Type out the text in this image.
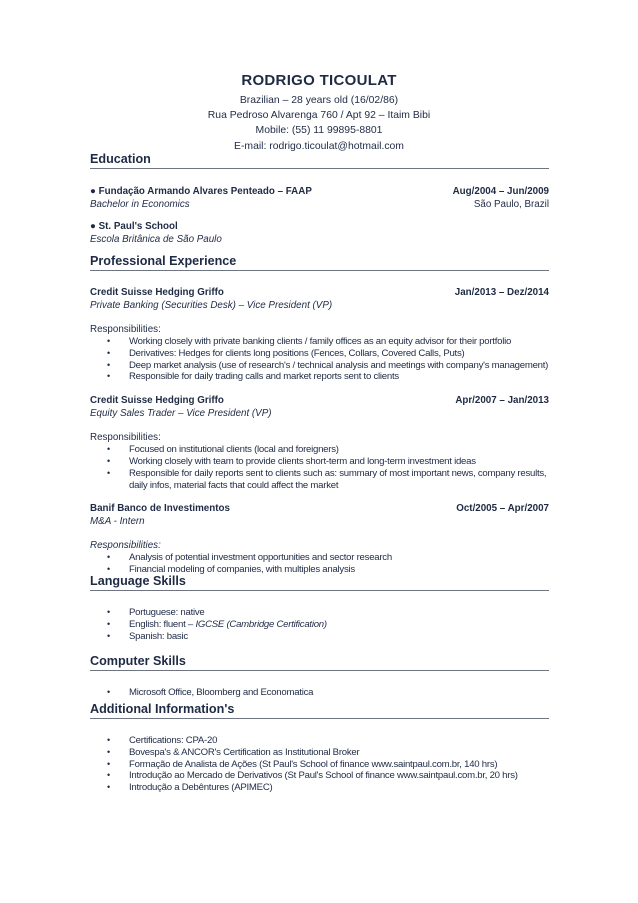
RODRIGO TICOULAT

Brazilian – 28 years old (16/02/86)

Rua Pedroso Alvarenga 760 / Apt 92 – Itaim Bibi

Mobile: (55) 11 99895-8801

E-mail: rodrigo.ticoulat@hotmail.com

Education

● Fundação Armando Alvares Penteado – FAAP	Aug/2004 – Jun/2009
Bachelor in Economics	São Paulo, Brazil
● St. Paul's School
Escola Britânica de São Paulo

Professional Experience

Credit Suisse Hedging Griffo	Jan/2013 – Dez/2014

Private Banking (Securities Desk) – Vice President (VP)

Responsibilities:

• Working closely with private banking clients / family offices as an equity advisor for their portfolio
• Derivatives: Hedges for clients long positions (Fences, Collars, Covered Calls, Puts)
• Deep market analysis (use of research's / technical analysis and meetings with company's management)
• Responsible for daily trading calls and market reports sent to clients
Credit Suisse Hedging Griffo	Apr/2007 – Jan/2013

Equity Sales Trader – Vice President (VP)

Responsibilities:

• Focused on institutional clients (local and foreigners)
• Working closely with team to provide clients short-term and long-term investment ideas
• Responsible for daily reports sent to clients such as: summary of most important news, company results, daily infos, material facts that could affect the market
Banif Banco de Investimentos	Oct/2005 – Apr/2007

M&A - Intern

Responsibilities:

• Analysis of potential investment opportunities and sector research
• Financial modeling of companies, with multiples analysis

Language Skills

• Portuguese: native
• English: fluent – IGCSE (Cambridge Certification)
• Spanish: basic

Computer Skills

• Microsoft Office, Bloomberg and Economatica

Additional Information's

• Certifications: CPA-20
• Bovespa's & ANCOR's Certification as Institutional Broker
• Formação de Analista de Ações (St Paul's School of finance www.saintpaul.com.br, 140 hrs)
• Introdução ao Mercado de Derivativos (St Paul's School of finance www.saintpaul.com.br, 20 hrs)
• Introdução a Debêntures (APIMEC)
